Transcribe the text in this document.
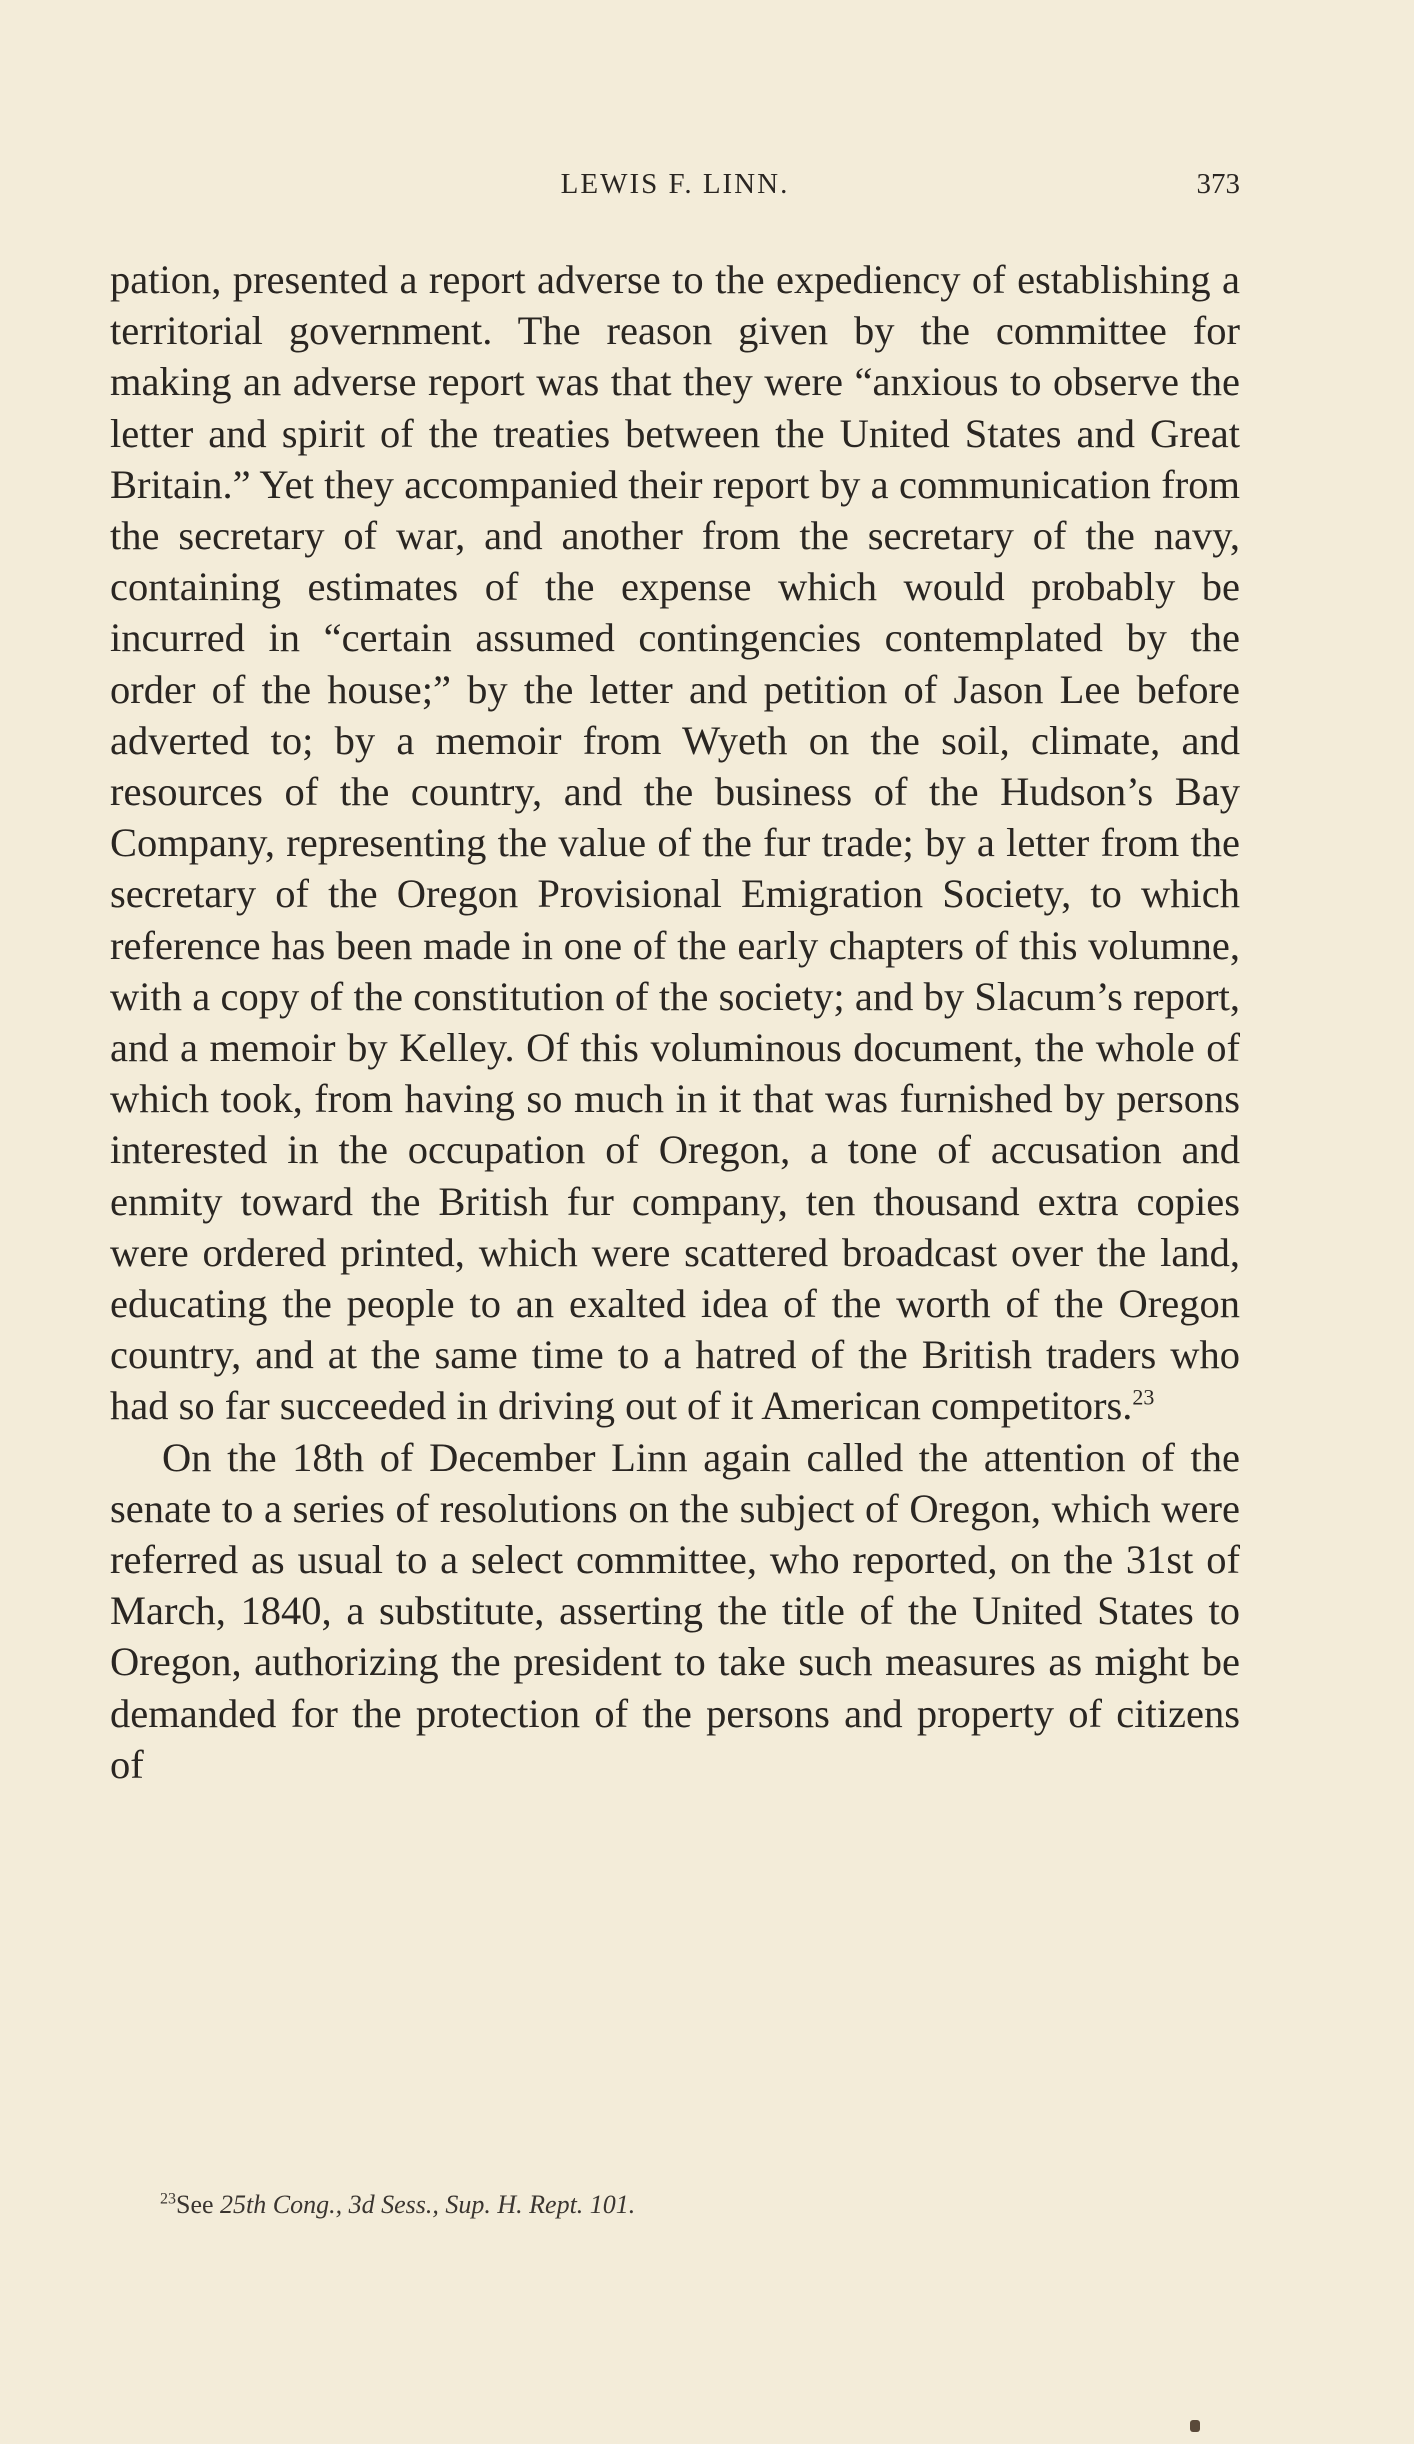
LEWIS F. LINN.	373

pation, presented a report adverse to the expediency of establishing a territorial government. The reason given by the committee for making an adverse report was that they were “anxious to observe the letter and spirit of the treaties between the United States and Great Britain.” Yet they accompanied their report by a communication from the secretary of war, and another from the secretary of the navy, containing estimates of the expense which would probably be incurred in “certain assumed contingencies contemplated by the order of the house;” by the letter and petition of Jason Lee before adverted to; by a memoir from Wyeth on the soil, climate, and resources of the country, and the business of the Hudson’s Bay Company, representing the value of the fur trade; by a letter from the secretary of the Oregon Provisional Emigration Society, to which reference has been made in one of the early chapters of this volumne, with a copy of the constitution of the society; and by Slacum’s report, and a memoir by Kelley. Of this voluminous document, the whole of which took, from having so much in it that was furnished by persons interested in the occupation of Oregon, a tone of accusation and enmity toward the British fur company, ten thousand extra copies were ordered printed, which were scattered broadcast over the land, educating the people to an exalted idea of the worth of the Oregon country, and at the same time to a hatred of the British traders who had so far succeeded in driving out of it American competitors.$^{23}$

On the 18th of December Linn again called the attention of the senate to a series of resolutions on the subject of Oregon, which were referred as usual to a select committee, who reported, on the 31st of March, 1840, a substitute, asserting the title of the United States to Oregon, authorizing the president to take such measures as might be demanded for the protection of the persons and property of citizens of

$^{23}$See 25th Cong., 3d Sess., Sup. H. Rept. 101.
